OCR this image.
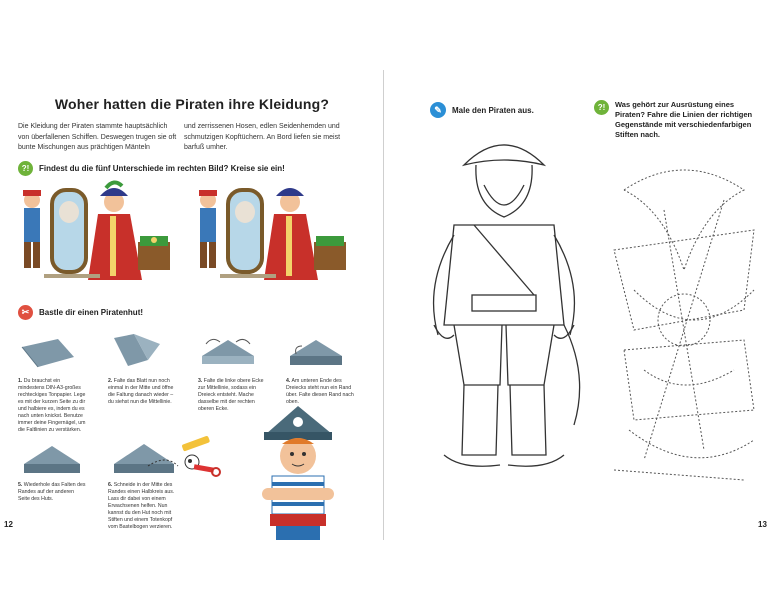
Woher hatten die Piraten ihre Kleidung?
Die Kleidung der Piraten stammte hauptsächlich von überfallenen Schiffen. Deswegen trugen sie oft bunte Mischungen aus prächtigen Mänteln
und zerrissenen Hosen, edlen Seidenhemden und schmutzigen Kopftüchern. An Bord liefen sie meist barfuß umher.
?!	Findest du die fünf Unterschiede im rechten Bild? Kreise sie ein!
✂	Bastle dir einen Piratenhut!
1. Du brauchst ein mindestens DIN-A3-großes rechteckiges Tonpapier. Lege es mit der kurzen Seite zu dir und halbiere es, indem du es nach unten knickst. Benutze immer deine Fingernägel, um die Faltlinien zu verstärken.
2. Falte das Blatt nun noch einmal in der Mitte und öffne die Faltung danach wieder – du siehst nun die Mittellinie.
3. Falte die linke obere Ecke zur Mittellinie, sodass ein Dreieck entsteht. Mache dasselbe mit der rechten oberen Ecke.
4. Am unteren Ende des Dreiecks steht nun ein Rand über. Falte diesen Rand nach oben.
5. Wiederhole das Falten des Randes auf der anderen Seite des Huts.
6. Schneide in der Mitte des Randes einen Halbkreis aus. Lass dir dabei von einem Erwachsenen helfen. Nun kannst du den Hut noch mit Stiften und einem Totenkopf vom Bastelbogen verzieren.
12
✎	Male den Piraten aus.	?!	Was gehört zur Ausrüstung eines Piraten? Fahre die Linien der richtigen Gegenstände mit verschiedenfarbigen Stiften nach.
13
